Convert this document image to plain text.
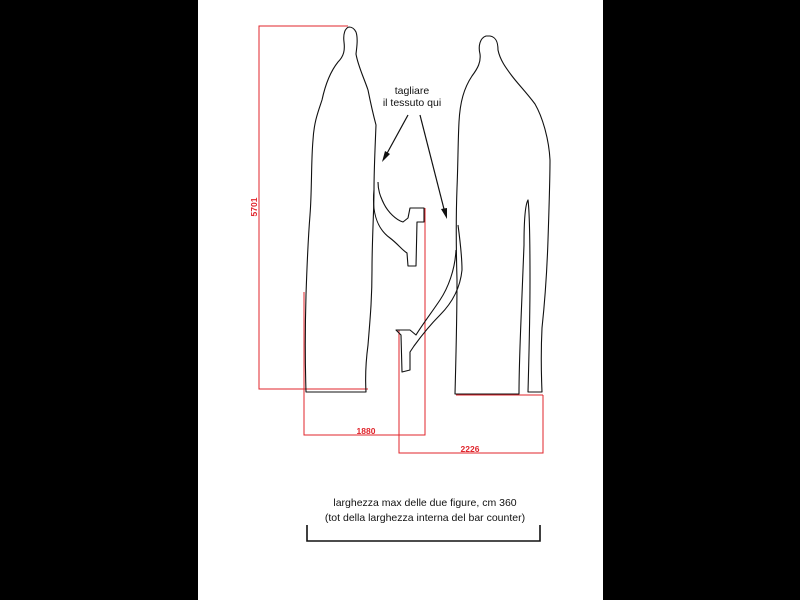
5701
1880
2226
tagliare
il tessuto qui
larghezza max delle due figure, cm 360
(tot della larghezza interna del bar counter)
